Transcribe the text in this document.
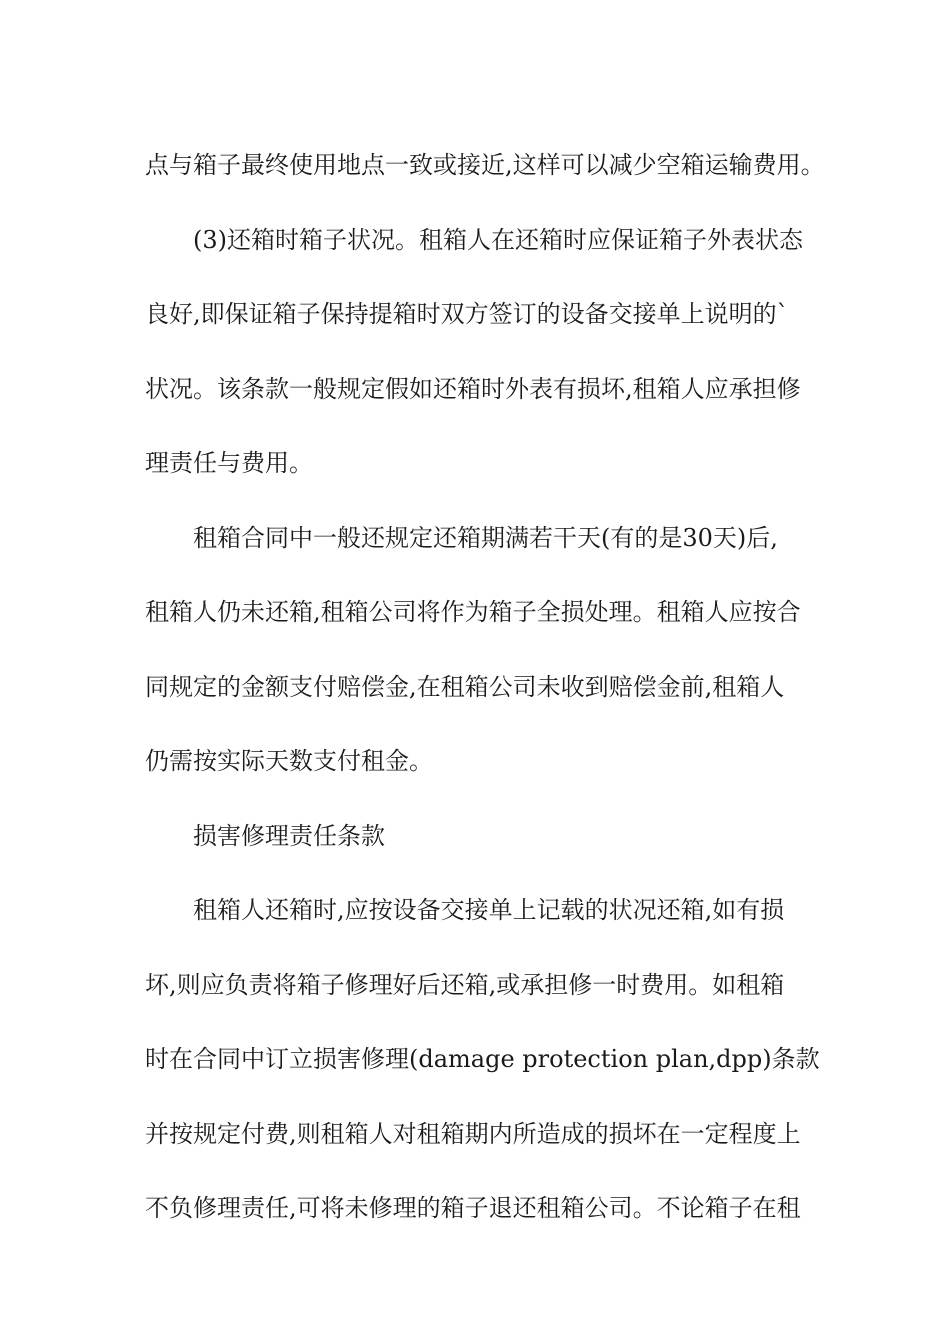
点与箱子最终使用地点一致或接近,这样可以减少空箱运输费用。
(3)还箱时箱子状况。租箱人在还箱时应保证箱子外表状态
良好,即保证箱子保持提箱时双方签订的设备交接单上说明的`
状况。该条款一般规定假如还箱时外表有损坏,租箱人应承担修
理责任与费用。
租箱合同中一般还规定还箱期满若干天(有的是30天)后,
租箱人仍未还箱,租箱公司将作为箱子全损处理。租箱人应按合
同规定的金额支付赔偿金,在租箱公司未收到赔偿金前,租箱人
仍需按实际天数支付租金。
损害修理责任条款
租箱人还箱时,应按设备交接单上记载的状况还箱,如有损
坏,则应负责将箱子修理好后还箱,或承担修一时费用。如租箱
时在合同中订立损害修理(damage protection plan,dpp)条款
并按规定付费,则租箱人对租箱期内所造成的损坏在一定程度上
不负修理责任,可将未修理的箱子退还租箱公司。不论箱子在租
